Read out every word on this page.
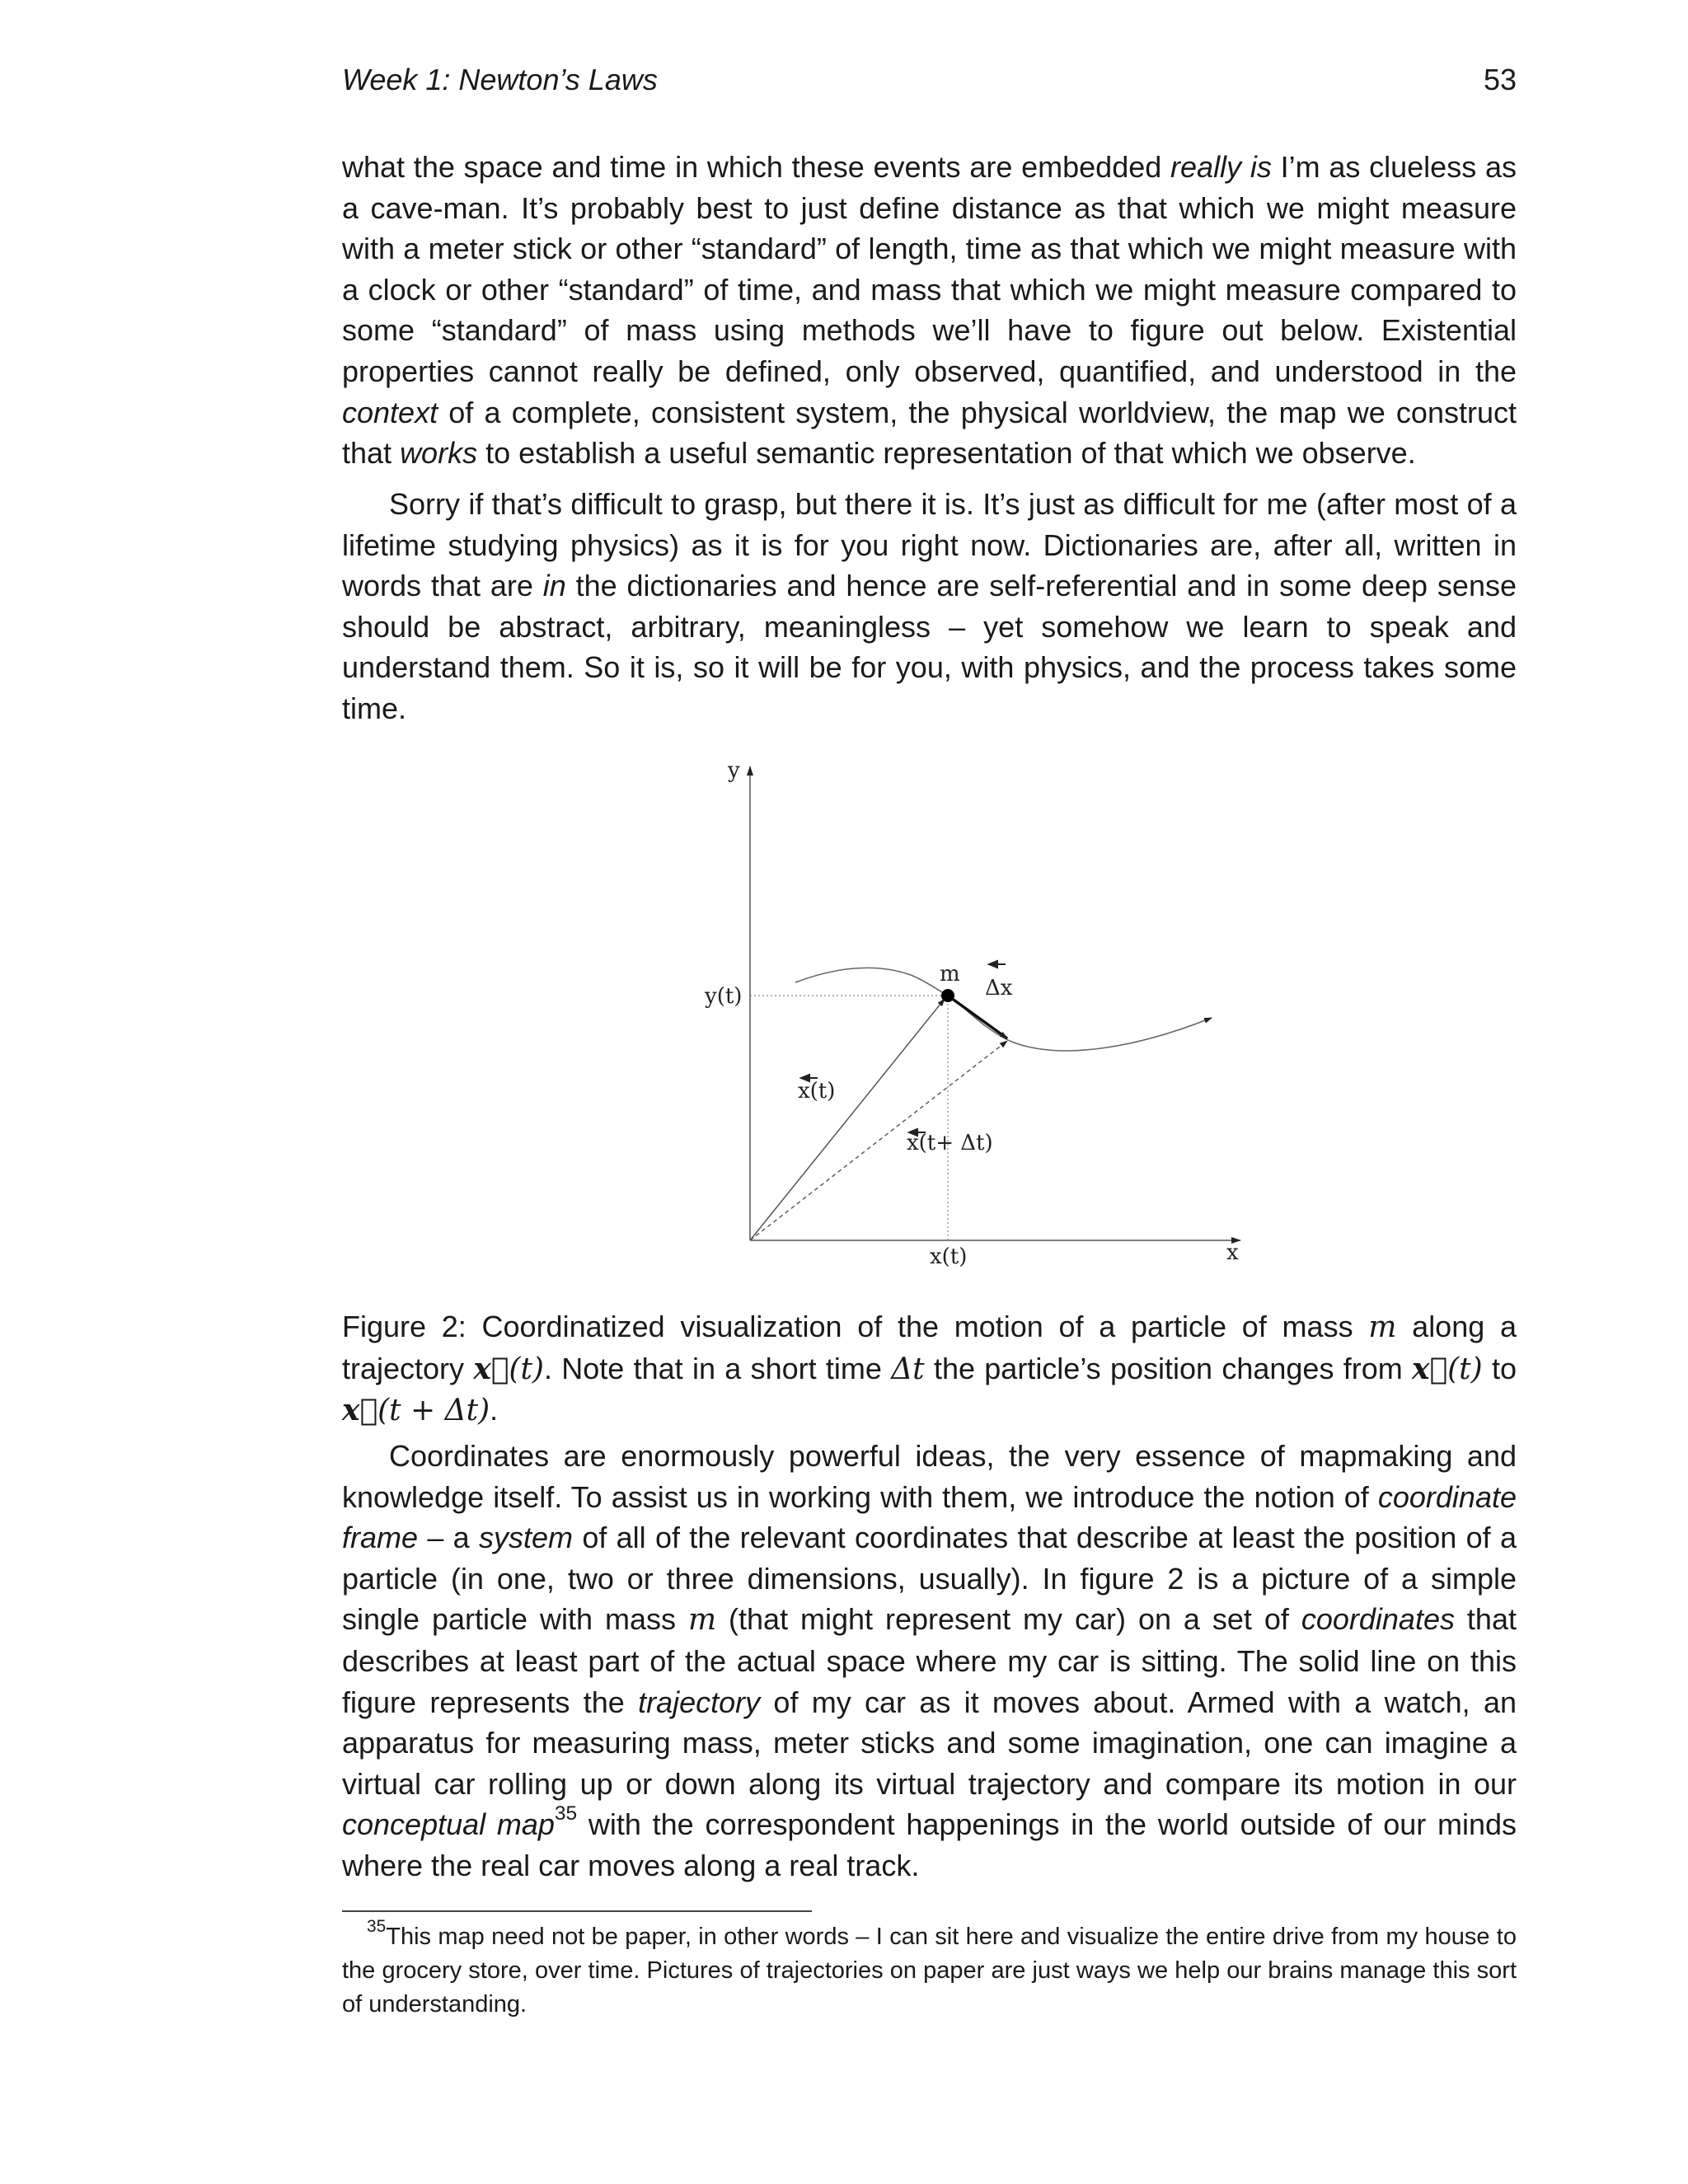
Week 1: Newton’s Laws	53

what the space and time in which these events are embedded really is I’m as clueless as a cave-man. It’s probably best to just define distance as that which we might measure with a meter stick or other “standard” of length, time as that which we might measure with a clock or other “standard” of time, and mass that which we might measure compared to some “standard” of mass using methods we’ll have to figure out below. Existential properties cannot really be defined, only observed, quantified, and understood in the context of a complete, consistent system, the physical worldview, the map we construct that works to establish a useful semantic representation of that which we observe.

Sorry if that’s difficult to grasp, but there it is. It’s just as difficult for me (after most of a lifetime studying physics) as it is for you right now. Dictionaries are, after all, written in words that are in the dictionaries and hence are self-referential and in some deep sense should be abstract, arbitrary, meaningless – yet somehow we learn to speak and understand them. So it is, so it will be for you, with physics, and the process takes some time.

y
x
y(t)
x(t)
m
Δx
x(t)
x(t+ Δt)
Figure 2: Coordinatized visualization of the motion of a particle of mass m along a trajectory x⃗(t). Note that in a short time Δt the particle’s position changes from x⃗(t) to x⃗(t + Δt).

Coordinates are enormously powerful ideas, the very essence of mapmaking and knowledge itself. To assist us in working with them, we introduce the notion of coordinate frame – a system of all of the relevant coordinates that describe at least the position of a particle (in one, two or three dimensions, usually). In figure 2 is a picture of a simple single particle with mass m (that might represent my car) on a set of coordinates that describes at least part of the actual space where my car is sitting. The solid line on this figure represents the trajectory of my car as it moves about. Armed with a watch, an apparatus for measuring mass, meter sticks and some imagination, one can imagine a virtual car rolling up or down along its virtual trajectory and compare its motion in our conceptual map$^{35}$ with the correspondent happenings in the world outside of our minds where the real car moves along a real track.

$^{35}$This map need not be paper, in other words – I can sit here and visualize the entire drive from my house to the grocery store, over time. Pictures of trajectories on paper are just ways we help our brains manage this sort of understanding.
